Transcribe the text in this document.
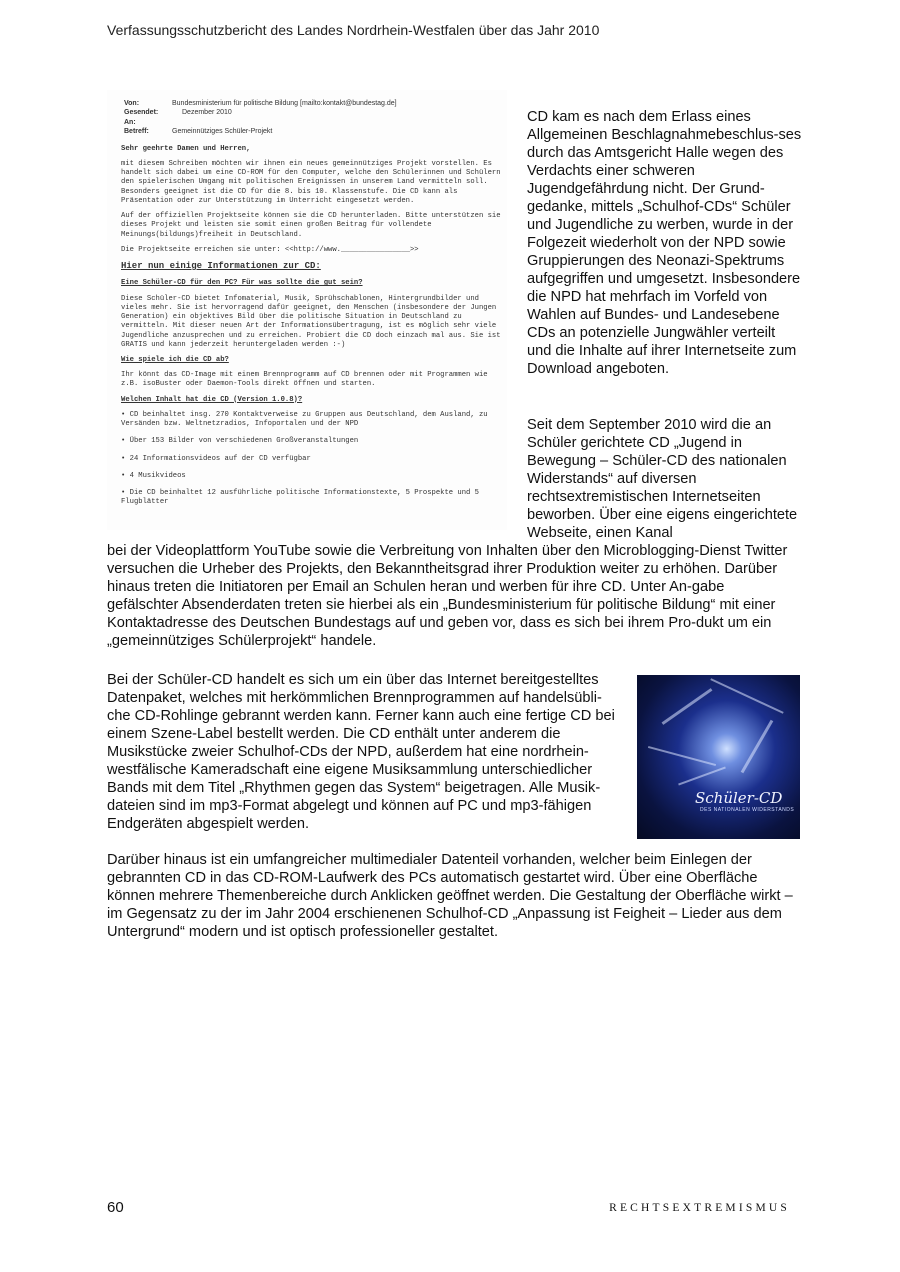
Verfassungsschutzbericht des Landes Nordrhein-Westfalen über das Jahr 2010
Von:	Bundesministerium für politische Bildung [mailto:kontakt@bundestag.de]
Gesendet:	Dezember 2010
An:
Betreff:	Gemeinnütziges Schüler-Projekt

Sehr geehrte Damen und Herren,

mit diesem Schreiben möchten wir ihnen ein neues gemeinnütziges Projekt vorstellen. Es handelt sich dabei um eine CD-ROM für den Computer, welche den Schülerinnen und Schülern den spielerischen Umgang mit politischen Ereignissen in unserem Land vermitteln soll. Besonders geeignet ist die CD für die 8. bis 10. Klassenstufe. Die CD kann als Präsentation oder zur Unterstützung im Unterricht eingesetzt werden.

Auf der offiziellen Projektseite können sie die CD herunterladen. Bitte unterstützen sie dieses Projekt und leisten sie somit einen großen Beitrag für vollendete Meinungs(bildungs)freiheit in Deutschland.

Die Projektseite erreichen sie unter: <<http://www.________________>>

Hier nun einige Informationen zur CD:
Eine Schüler-CD für den PC? Für was sollte die gut sein?

Diese Schüler-CD bietet Infomaterial, Musik, Sprühschablonen, Hintergrundbilder und vieles mehr. Sie ist hervorragend dafür geeignet, den Menschen (insbesondere der Jungen Generation) ein objektives Bild über die politische Situation in Deutschland zu vermitteln. Mit dieser neuen Art der Informationsübertragung, ist es möglich sehr viele Jugendliche anzusprechen und zu erreichen. Probiert die CD doch einzach mal aus. Sie ist GRATIS und kann jederzeit heruntergeladen werden :-)

Wie spiele ich die CD ab?

Ihr könnt das CD-Image mit einem Brennprogramm auf CD brennen oder mit Programmen wie z.B. isoBuster oder Daemon-Tools direkt öffnen und starten.

Welchen Inhalt hat die CD (Version 1.0.8)?
• CD beinhaltet insg. 270 Kontaktverweise zu Gruppen aus Deutschland, dem Ausland, zu Versänden bzw. Weltnetzradios, Infoportalen und der NPD
• Über 153 Bilder von verschiedenen Großveranstaltungen
• 24 Informationsvideos auf der CD verfügbar
• 4 Musikvideos
• Die CD beinhaltet 12 ausführliche politische Informationstexte, 5 Prospekte und 5 Flugblätter
CD kam es nach dem Erlass eines Allgemeinen Beschlagnahmebeschlus-ses durch das Amtsgericht Halle wegen des Verdachts einer schweren Jugendgefährdung nicht. Der Grund-gedanke, mittels „Schulhof-CDs“ Schüler und Jugendliche zu werben, wurde in der Folgezeit wiederholt von der NPD sowie Gruppierungen des Neonazi-Spektrums aufgegriffen und umgesetzt. Insbesondere die NPD hat mehrfach im Vorfeld von Wahlen auf Bundes- und Landesebene CDs an potenzielle Jungwähler verteilt und die Inhalte auf ihrer Internetseite zum Download angeboten.
Seit dem September 2010 wird die an Schüler gerichtete CD „Jugend in Bewegung – Schüler-CD des nationalen Widerstands“ auf diversen rechtsextremistischen Internetseiten beworben. Über eine eigens eingerichtete Webseite, einen Kanal
bei der Videoplattform YouTube sowie die Verbreitung von Inhalten über den Microblogging-Dienst Twitter versuchen die Urheber des Projekts, den Bekanntheitsgrad ihrer Produktion weiter zu erhöhen. Darüber hinaus treten die Initiatoren per Email an Schulen heran und werben für ihre CD. Unter An-gabe gefälschter Absenderdaten treten sie hierbei als ein „Bundesministerium für politische Bildung“ mit einer Kontaktadresse des Deutschen Bundestags auf und geben vor, dass es sich bei ihrem Pro-dukt um ein „gemeinnütziges Schülerprojekt“ handele.
Bei der Schüler-CD handelt es sich um ein über das Internet bereitgestelltes Datenpaket, welches mit herkömmlichen Brennprogrammen auf handelsübli-che CD-Rohlinge gebrannt werden kann. Ferner kann auch eine fertige CD bei einem Szene-Label bestellt werden. Die CD enthält unter anderem die Musikstücke zweier Schulhof-CDs der NPD, außerdem hat eine nordrhein-westfälische Kameradschaft eine eigene Musiksammlung unterschiedlicher Bands mit dem Titel „Rhythmen gegen das System“ beigetragen. Alle Musik-dateien sind im mp3-Format abgelegt und können auf PC und mp3-fähigen Endgeräten abgespielt werden.
Schüler-CD
DES NATIONALEN WIDERSTANDS
Darüber hinaus ist ein umfangreicher multimedialer Datenteil vorhanden, welcher beim Einlegen der gebrannten CD in das CD-ROM-Laufwerk des PCs automatisch gestartet wird. Über eine Oberfläche können mehrere Themenbereiche durch Anklicken geöffnet werden. Die Gestaltung der Oberfläche wirkt – im Gegensatz zu der im Jahr 2004 erschienenen Schulhof-CD „Anpassung ist Feigheit – Lieder aus dem Untergrund“ modern und ist optisch professioneller gestaltet.
60	RECHTSEXTREMISMUS
